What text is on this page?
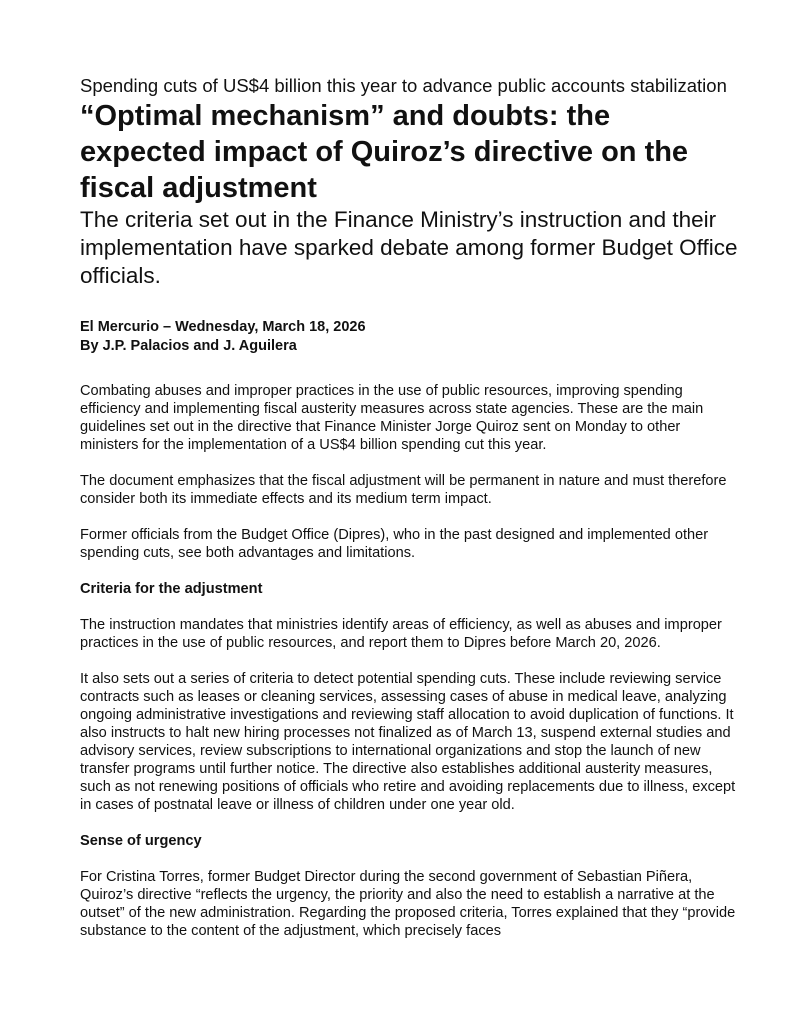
Spending cuts of US$4 billion this year to advance public accounts stabilization

“Optimal mechanism” and doubts: the expected impact of Quiroz’s directive on the fiscal adjustment

The criteria set out in the Finance Ministry’s instruction and their implementation have sparked debate among former Budget Office officials.

El Mercurio – Wednesday, March 18, 2026
By J.P. Palacios and J. Aguilera

Combating abuses and improper practices in the use of public resources, improving spending efficiency and implementing fiscal austerity measures across state agencies. These are the main guidelines set out in the directive that Finance Minister Jorge Quiroz sent on Monday to other ministers for the implementation of a US$4 billion spending cut this year.

The document emphasizes that the fiscal adjustment will be permanent in nature and must therefore consider both its immediate effects and its medium term impact.

Former officials from the Budget Office (Dipres), who in the past designed and implemented other spending cuts, see both advantages and limitations.

Criteria for the adjustment

The instruction mandates that ministries identify areas of efficiency, as well as abuses and improper practices in the use of public resources, and report them to Dipres before March 20, 2026.

It also sets out a series of criteria to detect potential spending cuts. These include reviewing service contracts such as leases or cleaning services, assessing cases of abuse in medical leave, analyzing ongoing administrative investigations and reviewing staff allocation to avoid duplication of functions. It also instructs to halt new hiring processes not finalized as of March 13, suspend external studies and advisory services, review subscriptions to international organizations and stop the launch of new transfer programs until further notice. The directive also establishes additional austerity measures, such as not renewing positions of officials who retire and avoiding replacements due to illness, except in cases of postnatal leave or illness of children under one year old.

Sense of urgency

For Cristina Torres, former Budget Director during the second government of Sebastian Piñera, Quiroz’s directive “reflects the urgency, the priority and also the need to establish a narrative at the outset” of the new administration. Regarding the proposed criteria, Torres explained that they “provide substance to the content of the adjustment, which precisely faces
